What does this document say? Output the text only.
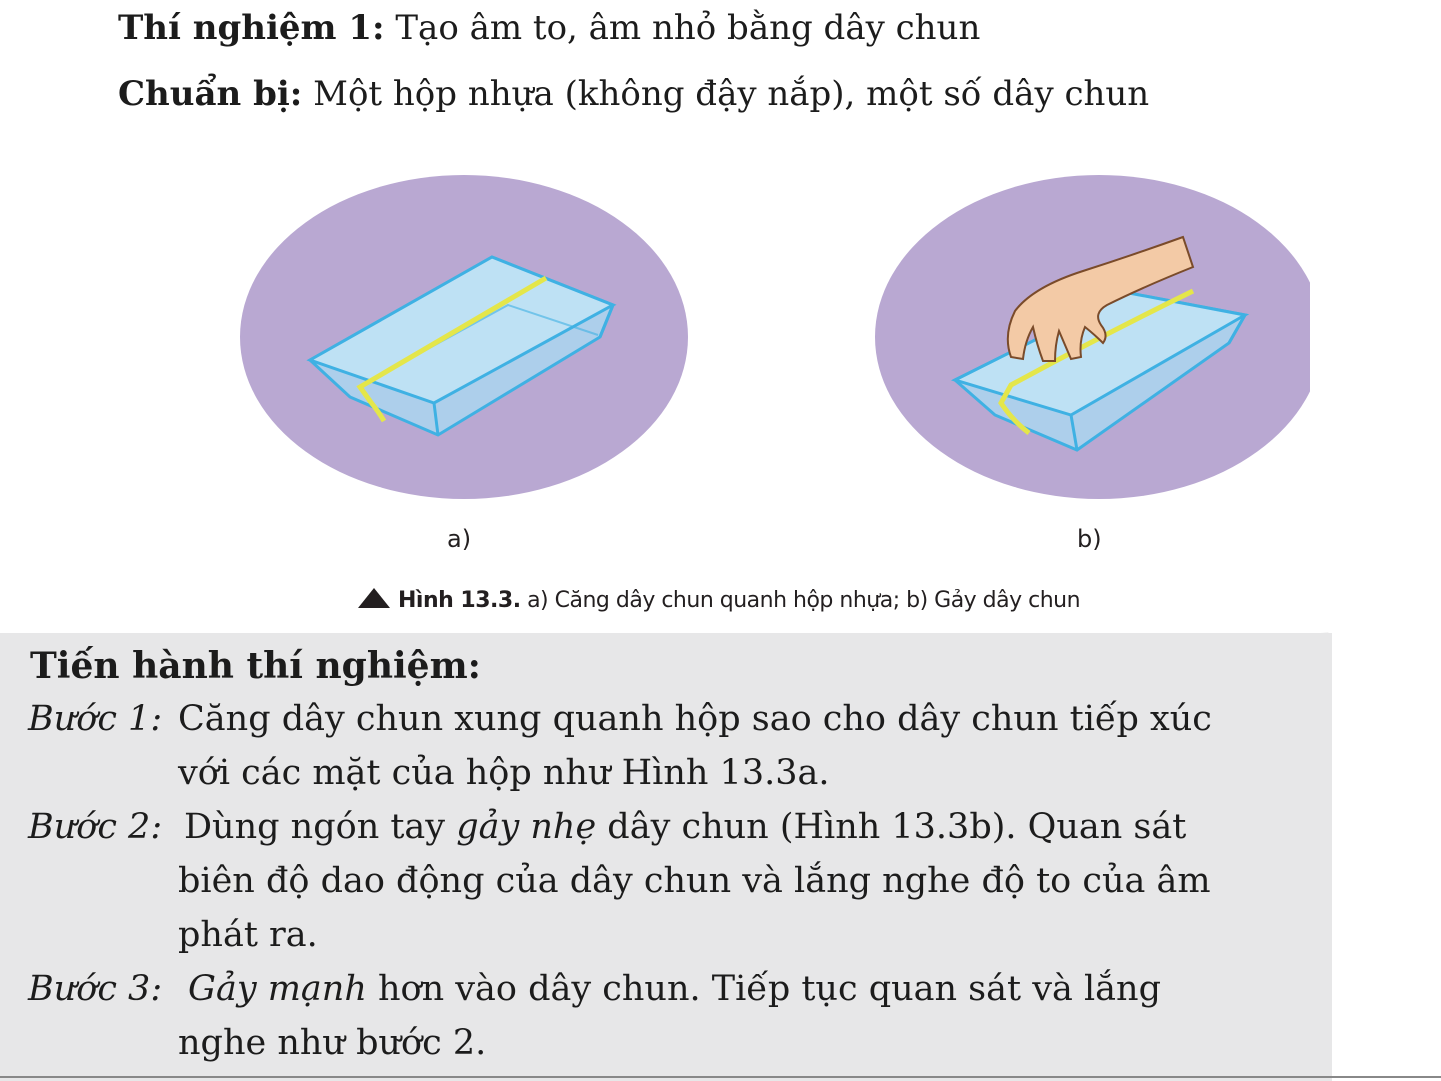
Thí nghiệm 1: Tạo âm to, âm nhỏ bằng dây chun
Chuẩn bị: Một hộp nhựa (không đậy nắp), một số dây chun
a)	b)
Hình 13.3. a) Căng dây chun quanh hộp nhựa; b) Gảy dây chun
Tiến hành thí nghiệm:
Bước 1: Căng dây chun xung quanh hộp sao cho dây chun tiếp xúc
với các mặt của hộp như Hình 13.3a.
Bước 2: Dùng ngón tay gảy nhẹ dây chun (Hình 13.3b). Quan sát
biên độ dao động của dây chun và lắng nghe độ to của âm
phát ra.
Bước 3: Gảy mạnh hơn vào dây chun. Tiếp tục quan sát và lắng
nghe như bước 2.
